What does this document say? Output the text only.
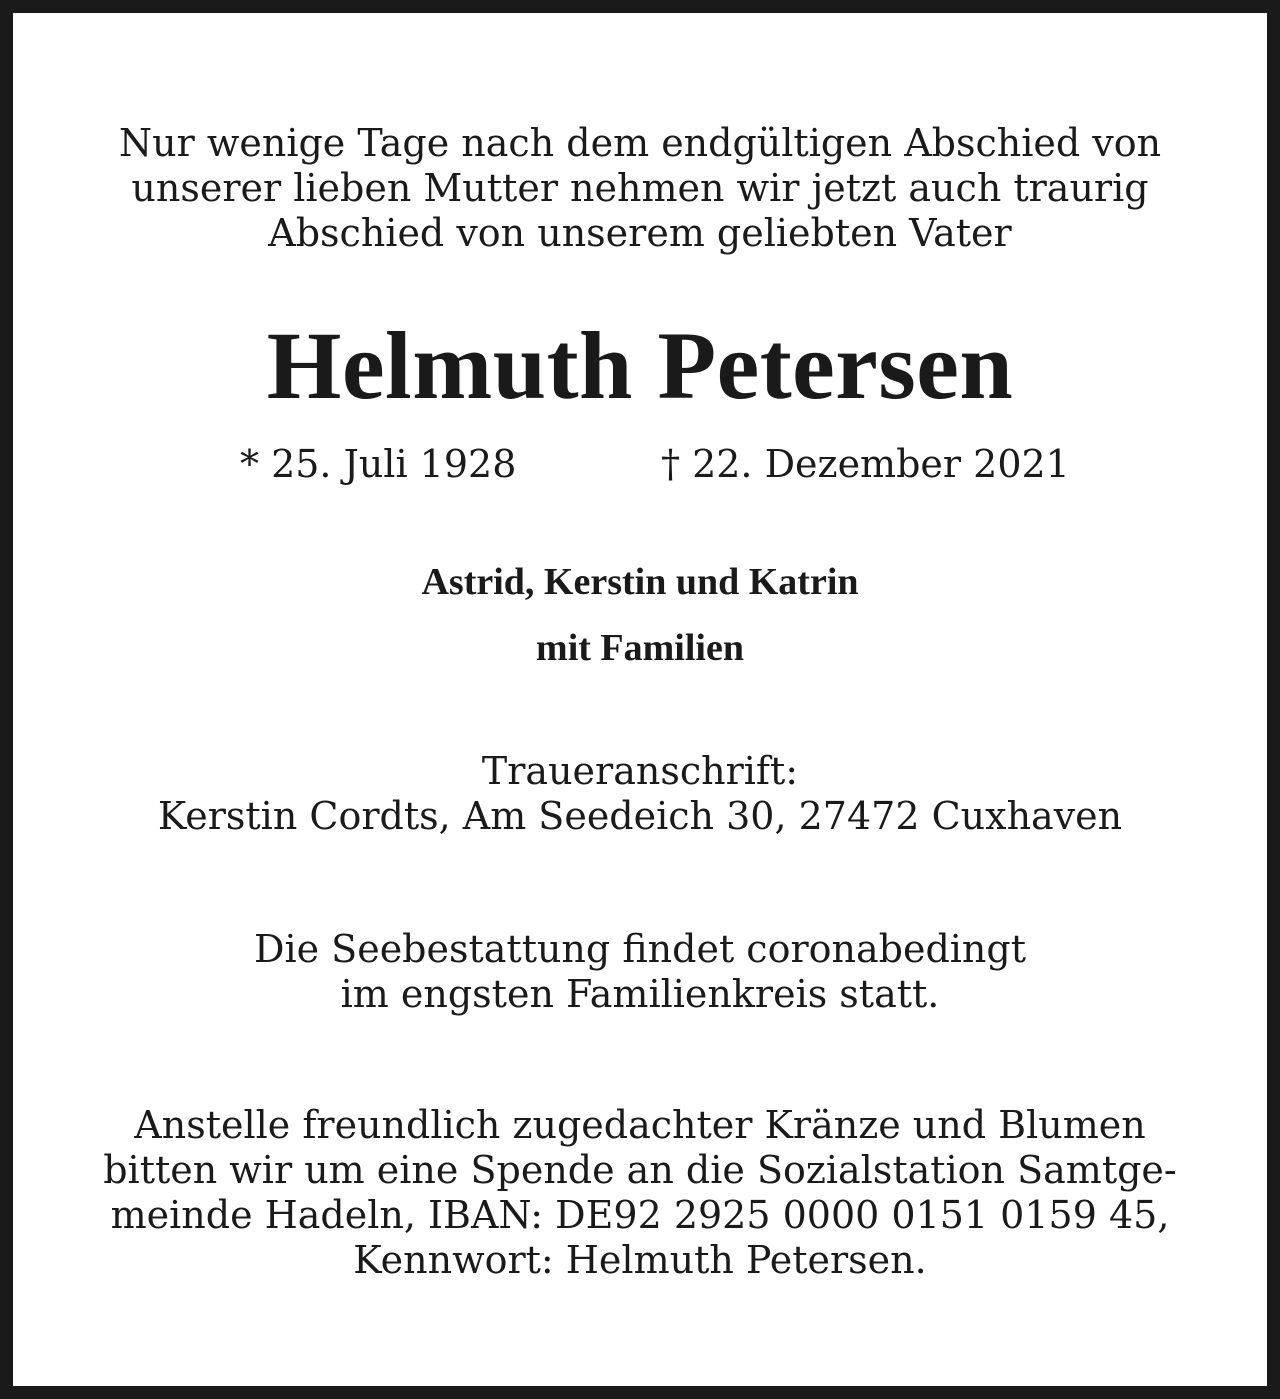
Nur wenige Tage nach dem endgültigen Abschied von
unserer lieben Mutter nehmen wir jetzt auch traurig
Abschied von unserem geliebten Vater
Helmuth Petersen
* 25. Juli 1928	† 22. Dezember 2021
Astrid, Kerstin und Katrin
mit Familien
Traueranschrift:
Kerstin Cordts, Am Seedeich 30, 27472 Cuxhaven
Die Seebestattung findet coronabedingt
im engsten Familienkreis statt.
Anstelle freundlich zugedachter Kränze und Blumen
bitten wir um eine Spende an die Sozialstation Samtge-
meinde Hadeln, IBAN: DE92 2925 0000 0151 0159 45,
Kennwort: Helmuth Petersen.
